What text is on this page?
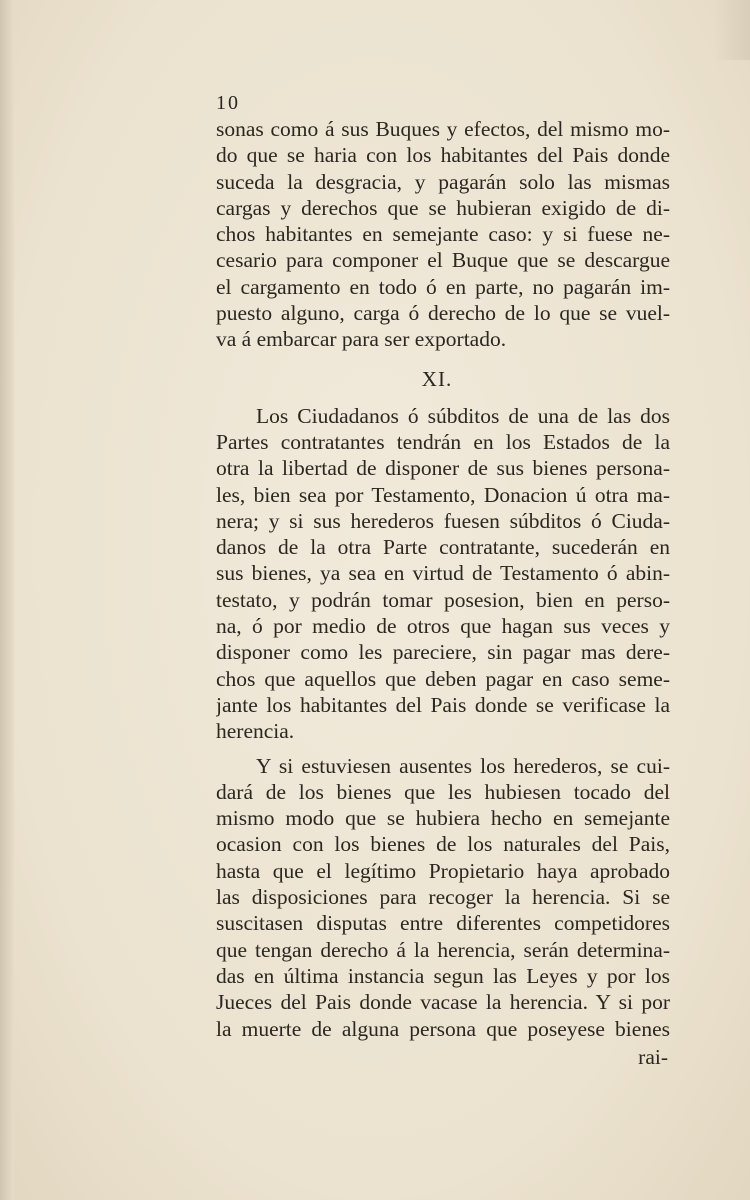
10
sonas como á sus Buques y efectos, del mismo mo-
do que se haria con los habitantes del Pais donde
suceda la desgracia, y pagarán solo las mismas
cargas y derechos que se hubieran exigido de di-
chos habitantes en semejante caso: y si fuese ne-
cesario para componer el Buque que se descargue
el cargamento en todo ó en parte, no pagarán im-
puesto alguno, carga ó derecho de lo que se vuel-
va á embarcar para ser exportado.
XI.
Los Ciudadanos ó súbditos de una de las dos
Partes contratantes tendrán en los Estados de la
otra la libertad de disponer de sus bienes persona-
les, bien sea por Testamento, Donacion ú otra ma-
nera; y si sus herederos fuesen súbditos ó Ciuda-
danos de la otra Parte contratante, sucederán en
sus bienes, ya sea en virtud de Testamento ó abin-
testato, y podrán tomar posesion, bien en perso-
na, ó por medio de otros que hagan sus veces y
disponer como les pareciere, sin pagar mas dere-
chos que aquellos que deben pagar en caso seme-
jante los habitantes del Pais donde se verificase la
herencia.
Y si estuviesen ausentes los herederos, se cui-
dará de los bienes que les hubiesen tocado del
mismo modo que se hubiera hecho en semejante
ocasion con los bienes de los naturales del Pais,
hasta que el legítimo Propietario haya aprobado
las disposiciones para recoger la herencia. Si se
suscitasen disputas entre diferentes competidores
que tengan derecho á la herencia, serán determina-
das en última instancia segun las Leyes y por los
Jueces del Pais donde vacase la herencia. Y si por
la muerte de alguna persona que poseyese bienes
rai-
